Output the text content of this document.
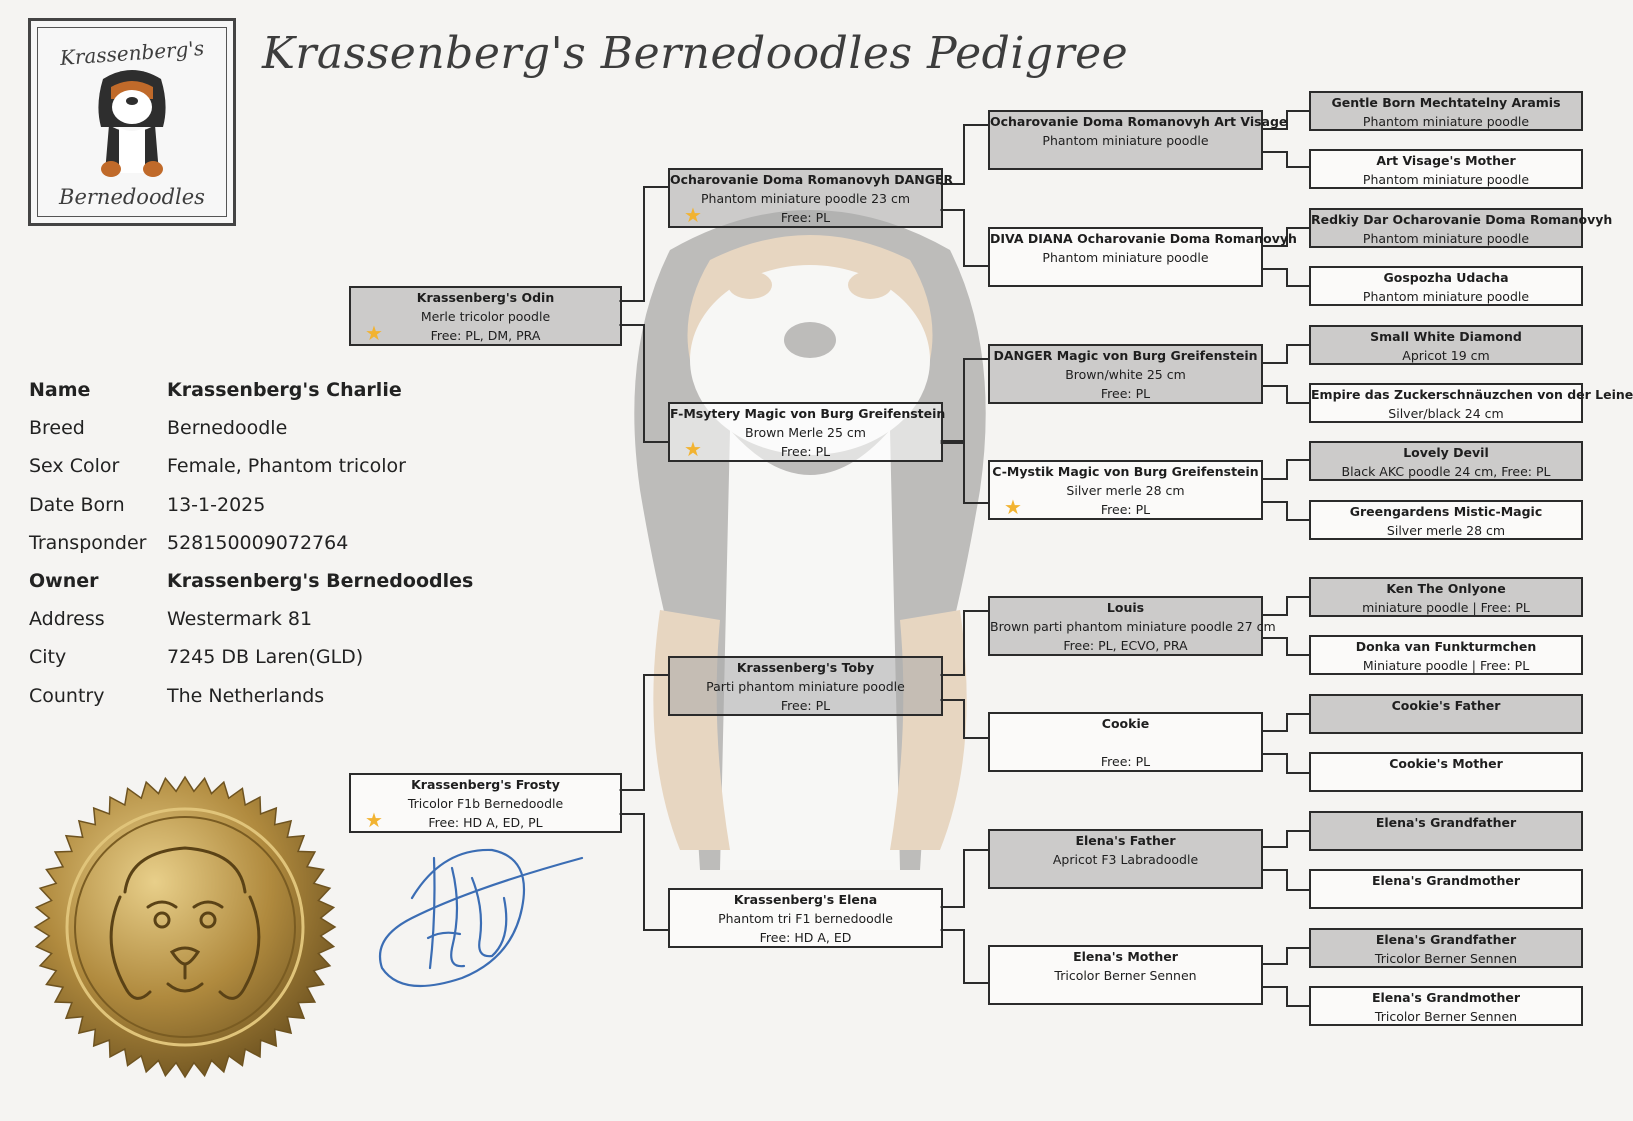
Krassenberg's
Bernedoodles
Krassenberg's Bernedoodles Pedigree
Name	Krassenberg's Charlie
Breed	Bernedoodle
Sex Color	Female, Phantom tricolor
Date Born 13-1-2025
Transponder 528150009072764
Owner	Krassenberg's Bernedoodles
Address	Westermark 81
City	7245 DB Laren(GLD)
Country	The Netherlands
Krassenberg's Odin
Merle tricolor poodle
Free: PL, DM, PRA
★
Krassenberg's Frosty
Tricolor F1b Bernedoodle
Free: HD A, ED, PL
★
Ocharovanie Doma Romanovyh DANGER
Phantom miniature poodle 23 cm
Free: PL
★
F-Msytery Magic von Burg Greifenstein
Brown Merle 25 cm
Free: PL
★
Krassenberg's Toby
Parti phantom miniature poodle
Free: PL
Krassenberg's Elena
Phantom tri F1 bernedoodle
Free: HD A, ED
Ocharovanie Doma Romanovyh Art Visage
Phantom miniature poodle
DIVA DIANA Ocharovanie Doma Romanovyh
Phantom miniature poodle
DANGER Magic von Burg Greifenstein
Brown/white 25 cm
Free: PL
C-Mystik Magic von Burg Greifenstein
Silver merle 28 cm
Free: PL
★
Louis
Brown parti phantom miniature poodle 27 cm
Free: PL, ECVO, PRA
Cookie

Free: PL
Elena's Father
Apricot F3 Labradoodle
Elena's Mother
Tricolor Berner Sennen
Gentle Born Mechtatelny Aramis
Phantom miniature poodle
Art Visage's Mother
Phantom miniature poodle
Redkiy Dar Ocharovanie Doma Romanovyh
Phantom miniature poodle
Gospozha Udacha
Phantom miniature poodle
Small White Diamond
Apricot 19 cm
Empire das Zuckerschnäuzchen von der Leine
Silver/black 24 cm
Lovely Devil
Black AKC poodle 24 cm, Free: PL
Greengardens Mistic-Magic
Silver merle 28 cm
Ken The Onlyone
miniature poodle | Free: PL
Donka van Funkturmchen
Miniature poodle | Free: PL
Cookie's Father
Cookie's Mother
Elena's Grandfather
Elena's Grandmother
Elena's Grandfather
Tricolor Berner Sennen
Elena's Grandmother
Tricolor Berner Sennen
